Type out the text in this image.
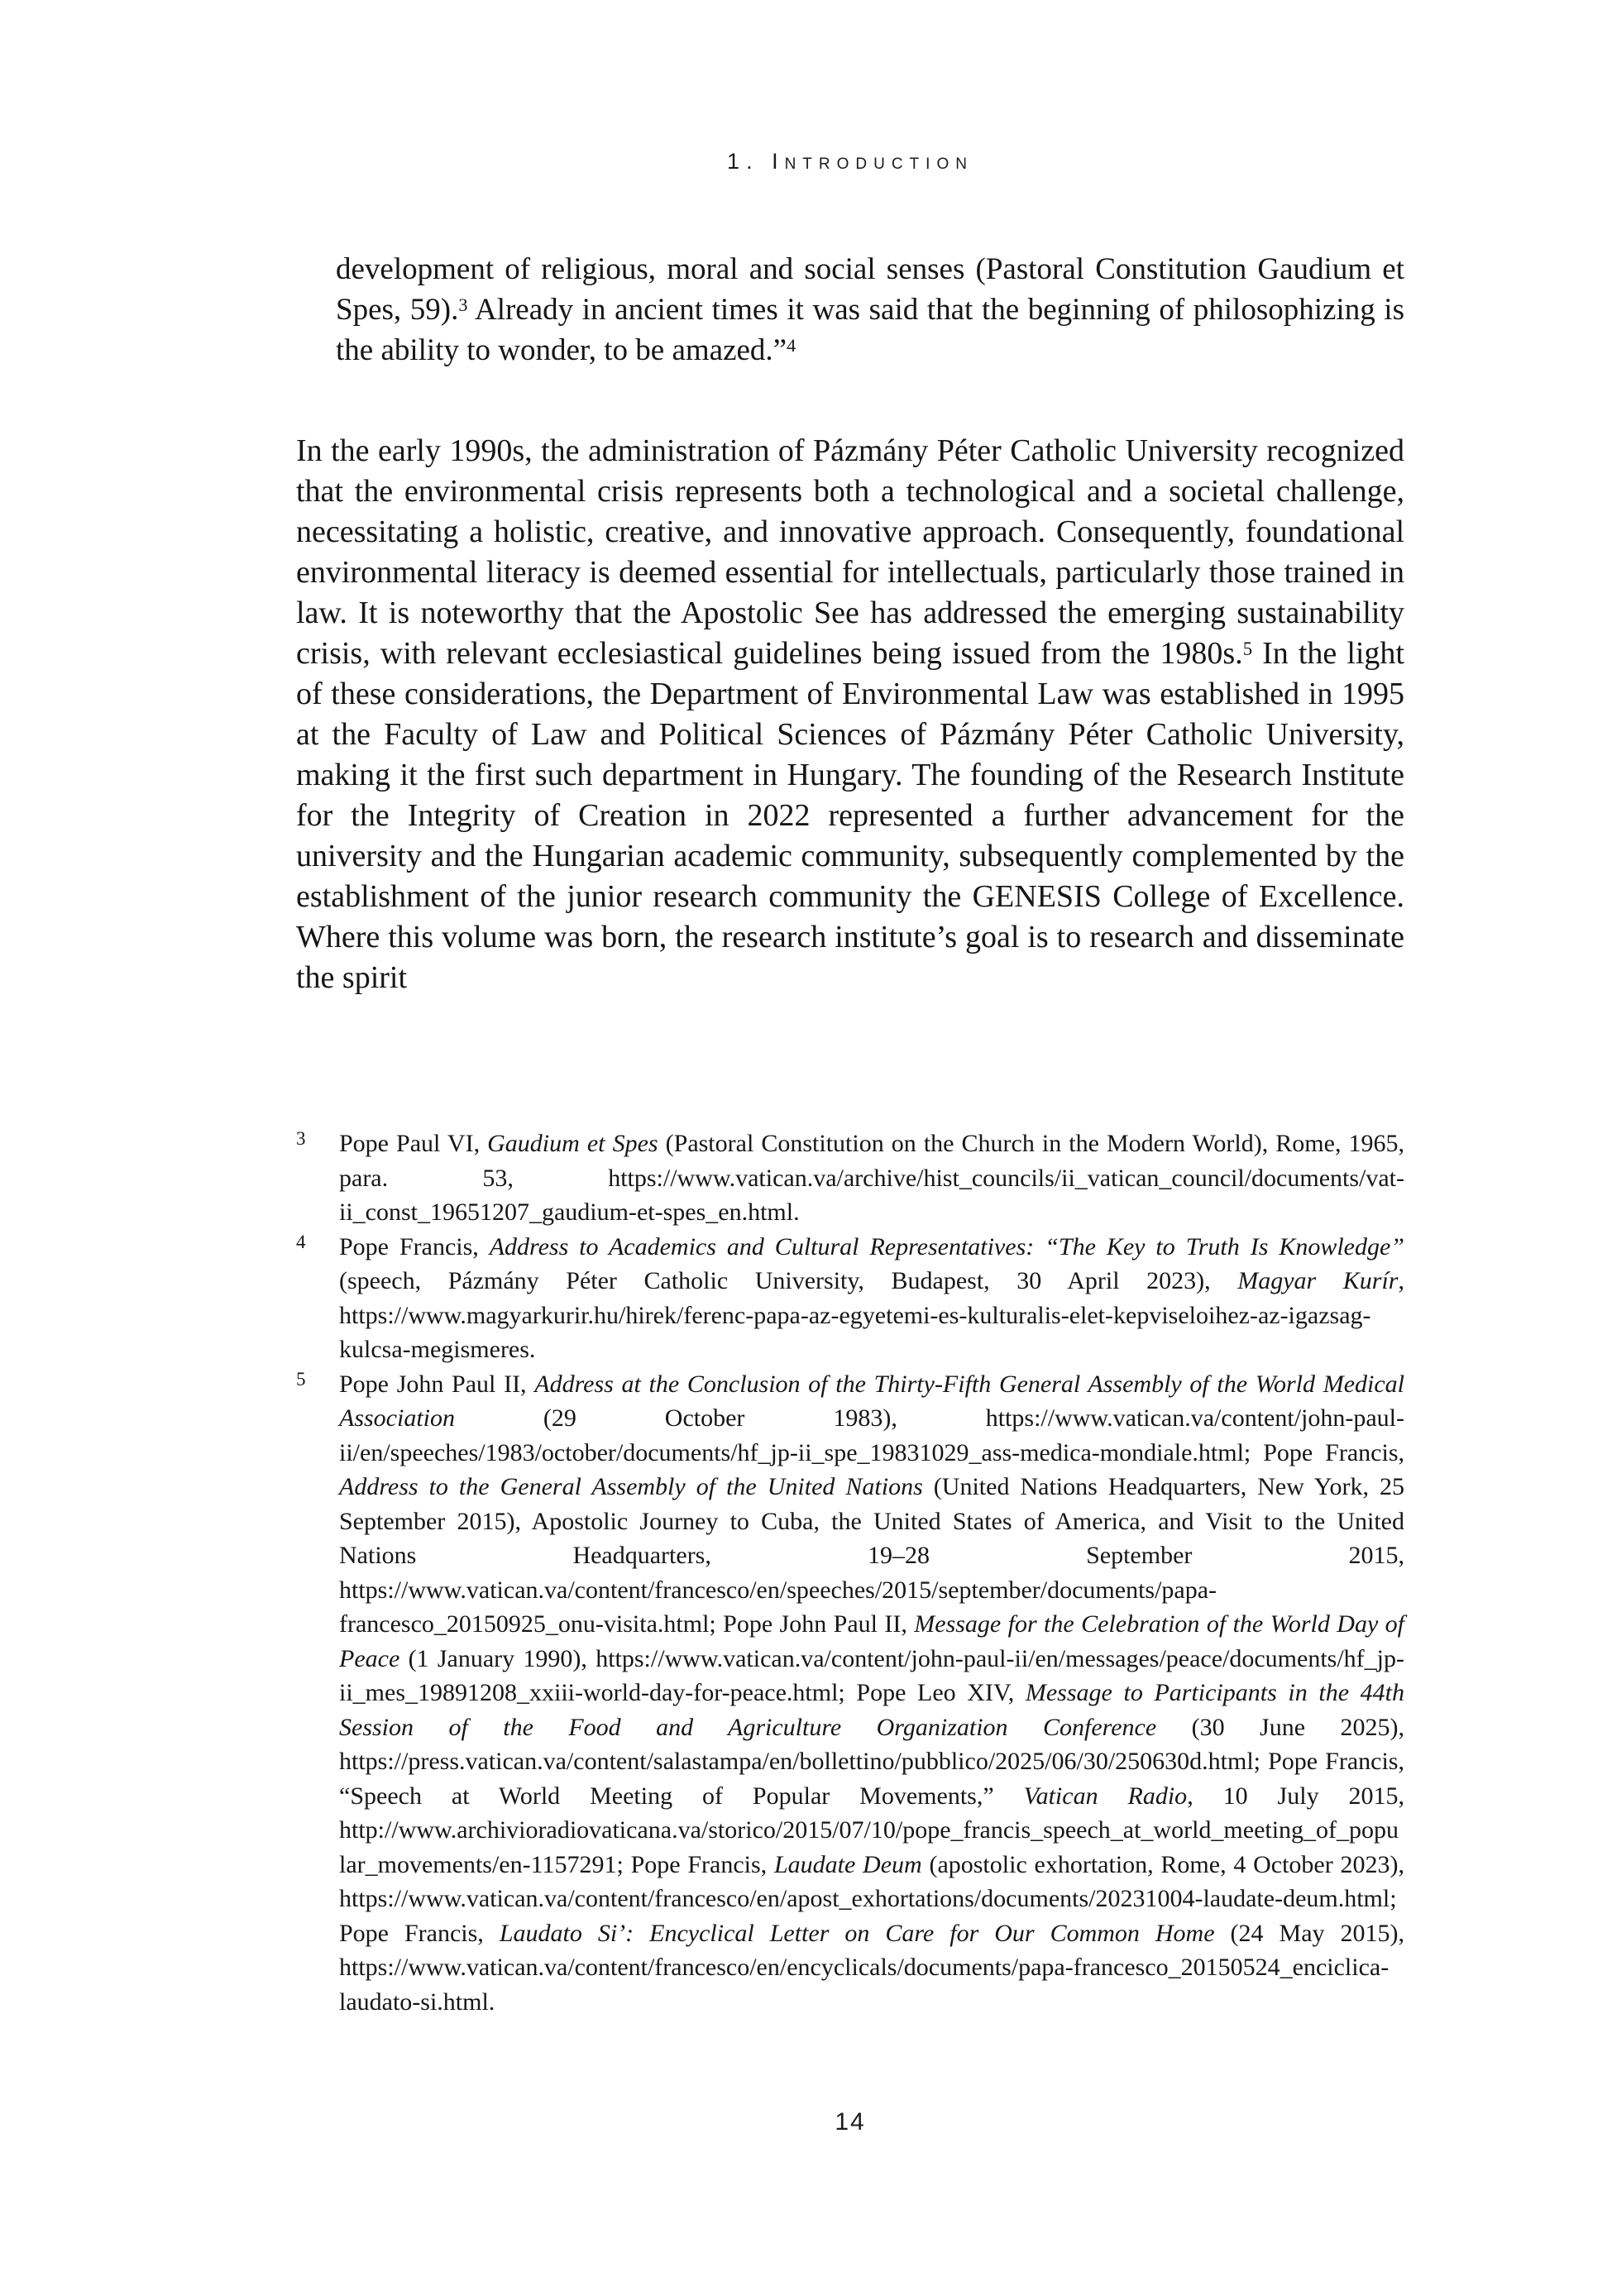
1. Introduction
development of religious, moral and social senses (Pastoral Constitution Gaudium et Spes, 59).$^3$ Already in ancient times it was said that the beginning of philosophizing is the ability to wonder, to be amazed.”$^4$
In the early 1990s, the administration of Pázmány Péter Catholic University recognized that the environmental crisis represents both a technological and a societal challenge, necessitating a holistic, creative, and innovative approach. Consequently, foundational environmental literacy is deemed essential for intellectuals, particularly those trained in law. It is noteworthy that the Apostolic See has addressed the emerging sustainability crisis, with relevant ecclesiastical guidelines being issued from the 1980s.$^5$ In the light of these considerations, the Department of Environmental Law was established in 1995 at the Faculty of Law and Political Sciences of Pázmány Péter Catholic University, making it the first such department in Hungary. The founding of the Research Institute for the Integrity of Creation in 2022 represented a further advancement for the university and the Hungarian academic community, subsequently complemented by the establishment of the junior research community the GENESIS College of Excellence. Where this volume was born, the research institute’s goal is to research and disseminate the spirit
3 Pope Paul VI, Gaudium et Spes (Pastoral Constitution on the Church in the Modern World), Rome, 1965, para. 53, https://www.vatican.va/archive/hist_councils/ii_vatican_council/documents/vat-ii_const_19651207_gaudium-et-spes_en.html.
4 Pope Francis, Address to Academics and Cultural Representatives: “The Key to Truth Is Knowledge” (speech, Pázmány Péter Catholic University, Budapest, 30 April 2023), Magyar Kurír, https://www.magyarkurir.hu/hirek/ferenc-papa-az-egyetemi-es-kulturalis-elet-kepviseloihez-az-igazsag-kulcsa-megismeres.
5 Pope John Paul II, Address at the Conclusion of the Thirty-Fifth General Assembly of the World Medical Association (29 October 1983), https://www.vatican.va/content/john-paul-ii/en/speeches/1983/october/documents/hf_jp-ii_spe_19831029_ass-medica-mondiale.html; Pope Francis, Address to the General Assembly of the United Nations (United Nations Headquarters, New York, 25 September 2015), Apostolic Journey to Cuba, the United States of America, and Visit to the United Nations Headquarters, 19–28 September 2015, https://www.vatican.va/content/francesco/en/speeches/2015/september/documents/papa-francesco_20150925_onu-visita.html; Pope John Paul II, Message for the Celebration of the World Day of Peace (1 January 1990), https://www.vatican.va/content/john-paul-ii/en/messages/peace/documents/hf_jp-ii_mes_19891208_xxiii-world-day-for-peace.html; Pope Leo XIV, Message to Participants in the 44th Session of the Food and Agriculture Organization Conference (30 June 2025), https://press.vatican.va/content/salastampa/en/bollettino/pubblico/2025/06/30/250630d.html; Pope Francis, “Speech at World Meeting of Popular Movements,” Vatican Radio, 10 July 2015, http://www.archivioradiovaticana.va/storico/2015/07/10/pope_francis_speech_at_world_meeting_of_popular_movements/en-1157291; Pope Francis, Laudate Deum (apostolic exhortation, Rome, 4 October 2023), https://www.vatican.va/content/francesco/en/apost_exhortations/documents/20231004-laudate-deum.html; Pope Francis, Laudato Si’: Encyclical Letter on Care for Our Common Home (24 May 2015), https://www.vatican.va/content/francesco/en/encyclicals/documents/papa-francesco_20150524_enciclica-laudato-si.html.
14
